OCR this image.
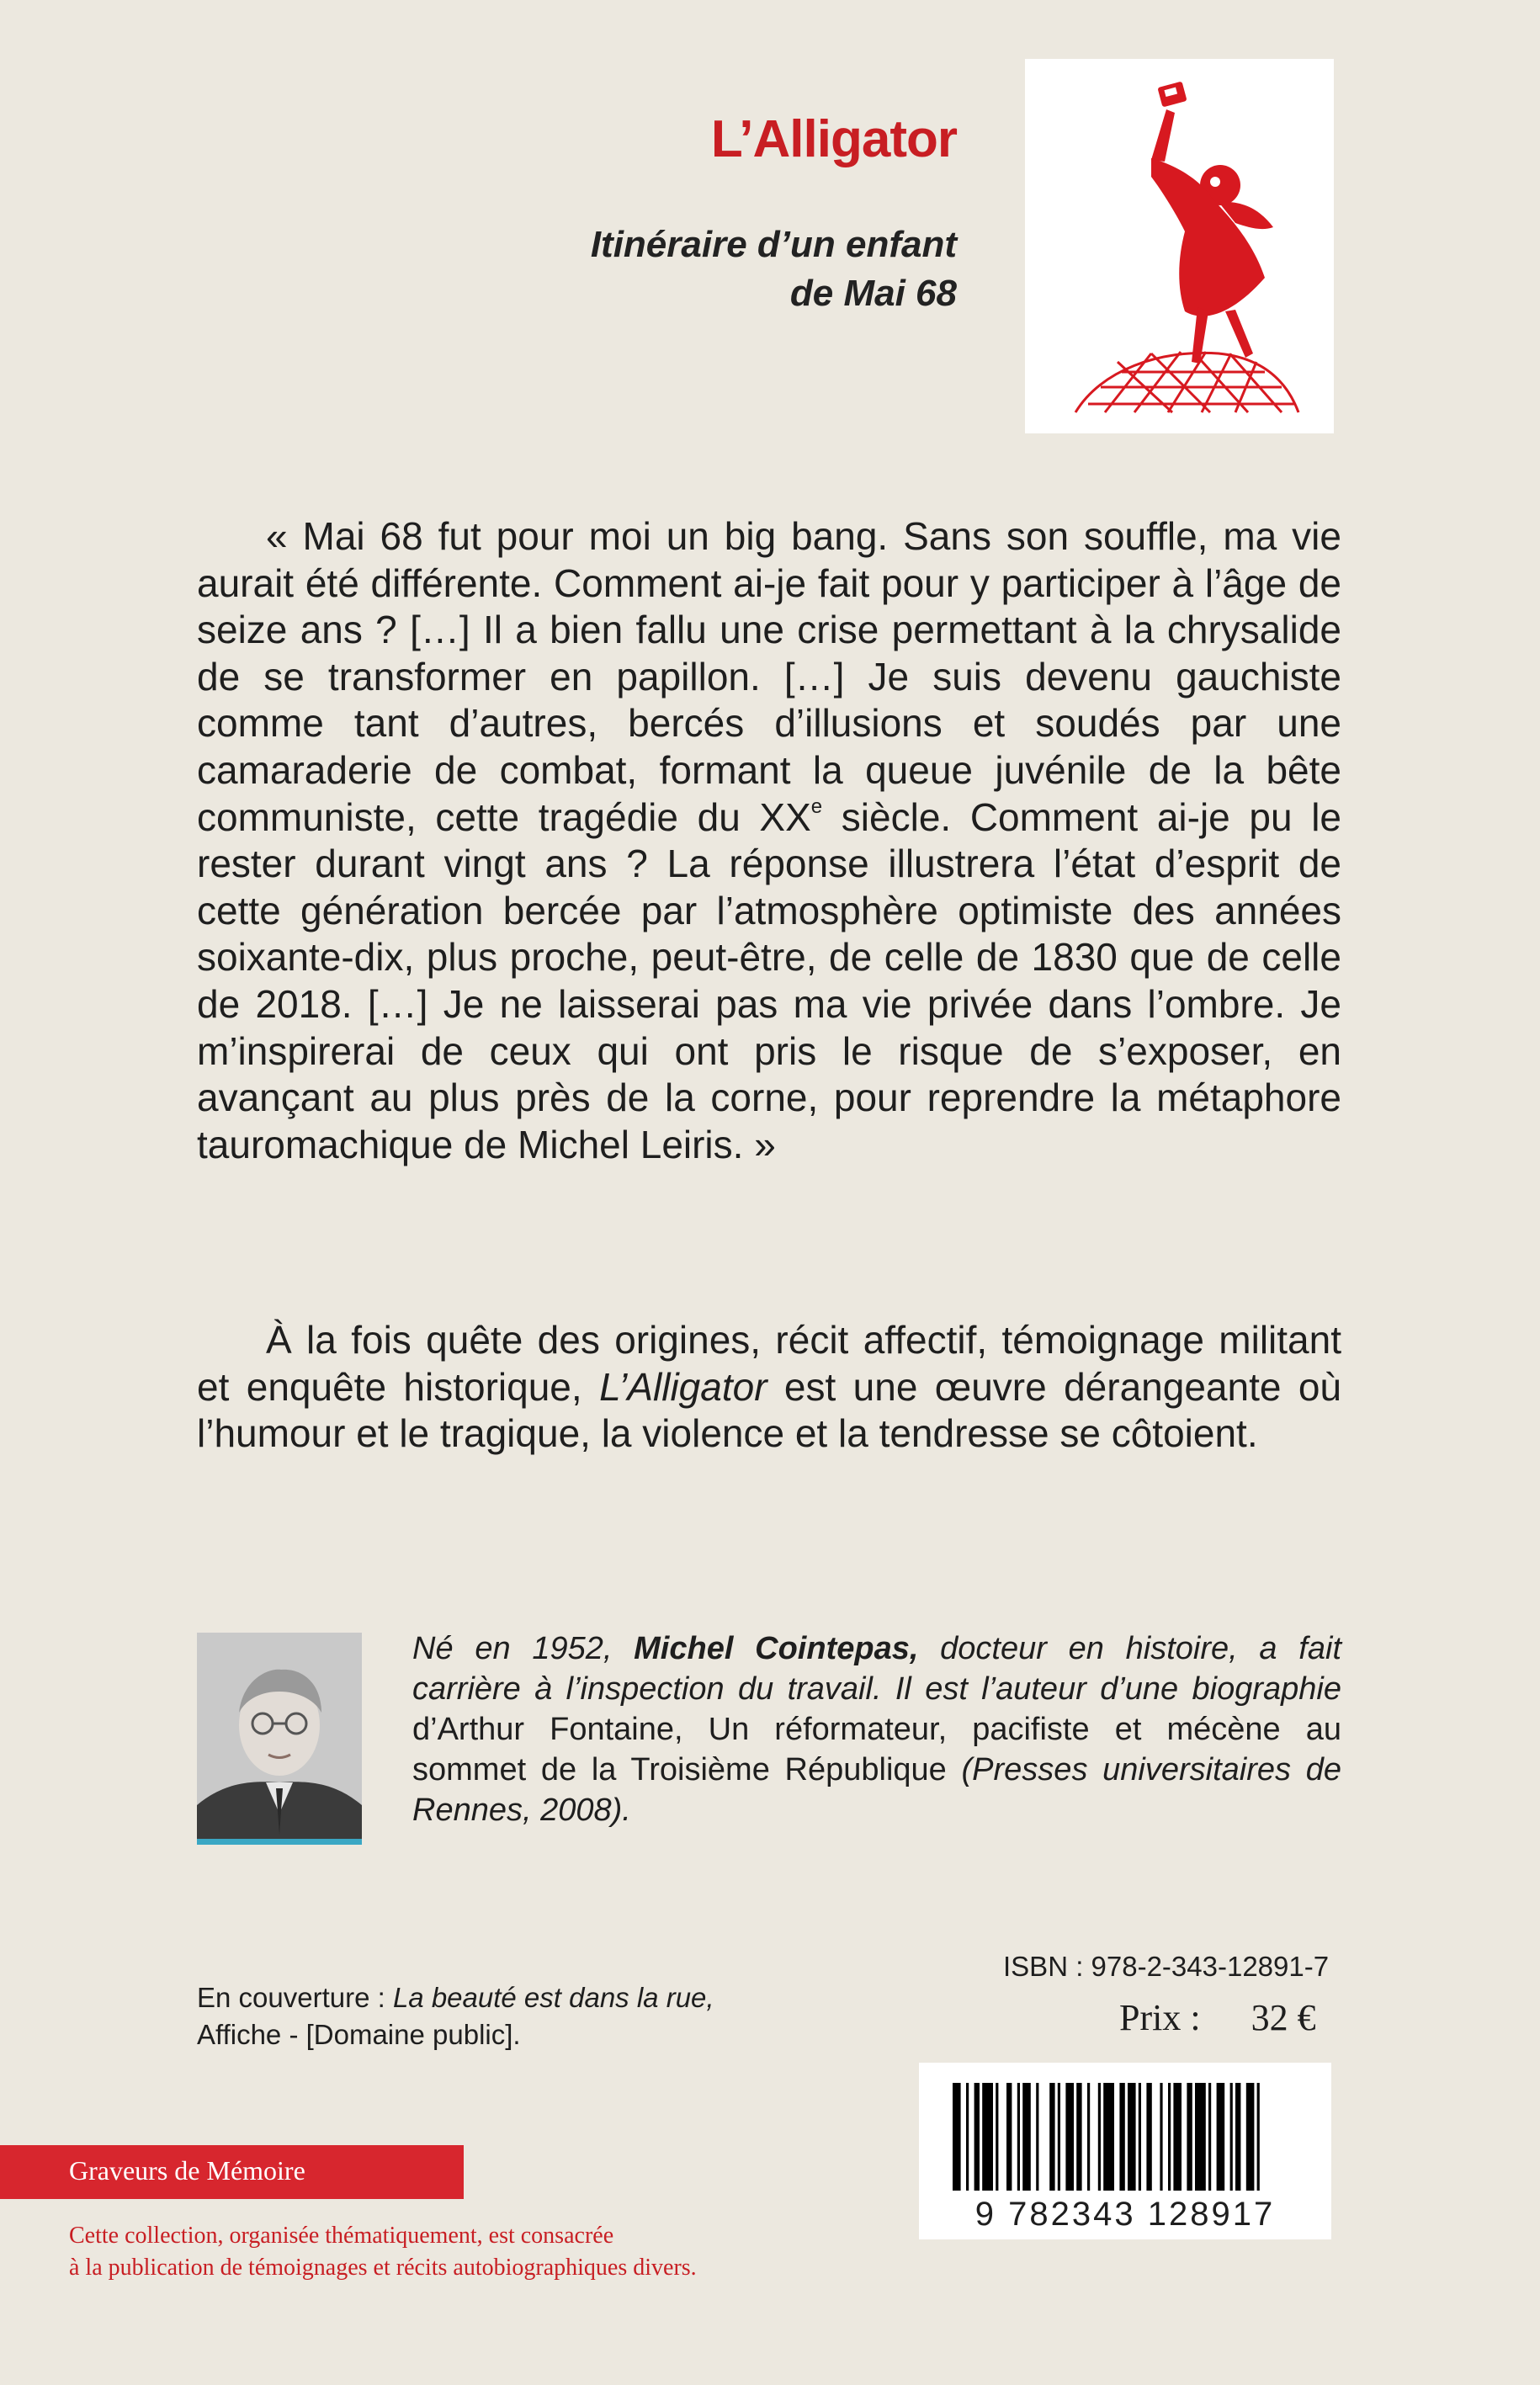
L’Alligator
Itinéraire d’un enfant
de Mai 68

« Mai 68 fut pour moi un big bang. Sans son souffle, ma vie aurait été différente. Comment ai-je fait pour y participer à l’âge de seize ans ? […] Il a bien fallu une crise permettant à la chrysalide de se transformer en papillon. […] Je suis devenu gauchiste comme tant d’autres, bercés d’illusions et soudés par une camaraderie de combat, formant la queue juvénile de la bête communiste, cette tragédie du XXe siècle. Comment ai-je pu le rester durant vingt ans ? La réponse illustrera l’état d’esprit de cette génération bercée par l’atmosphère optimiste des années soixante-dix, plus proche, peut-être, de celle de 1830 que de celle de 2018. […] Je ne laisserai pas ma vie privée dans l’ombre. Je m’inspirerai de ceux qui ont pris le risque de s’exposer, en avançant au plus près de la corne, pour reprendre la métaphore tauromachique de Michel Leiris. »

À la fois quête des origines, récit affectif, témoignage militant et enquête historique, L’Alligator est une œuvre dérangeante où l’humour et le tragique, la violence et la tendresse se côtoient.

Né en 1952, Michel Cointepas, docteur en histoire, a fait carrière à l’inspection du travail. Il est l’auteur d’une biographie d’Arthur Fontaine, Un réformateur, pacifiste et mécène au sommet de la Troisième République (Presses universitaires de Rennes, 2008).
En couverture : La beauté est dans la rue,
Affiche - [Domaine public].
ISBN : 978-2-343-12891-7
Prix : 32 €
9 782343 128917
Graveurs de Mémoire
Cette collection, organisée thématiquement, est consacrée
à la publication de témoignages et récits autobiographiques divers.
